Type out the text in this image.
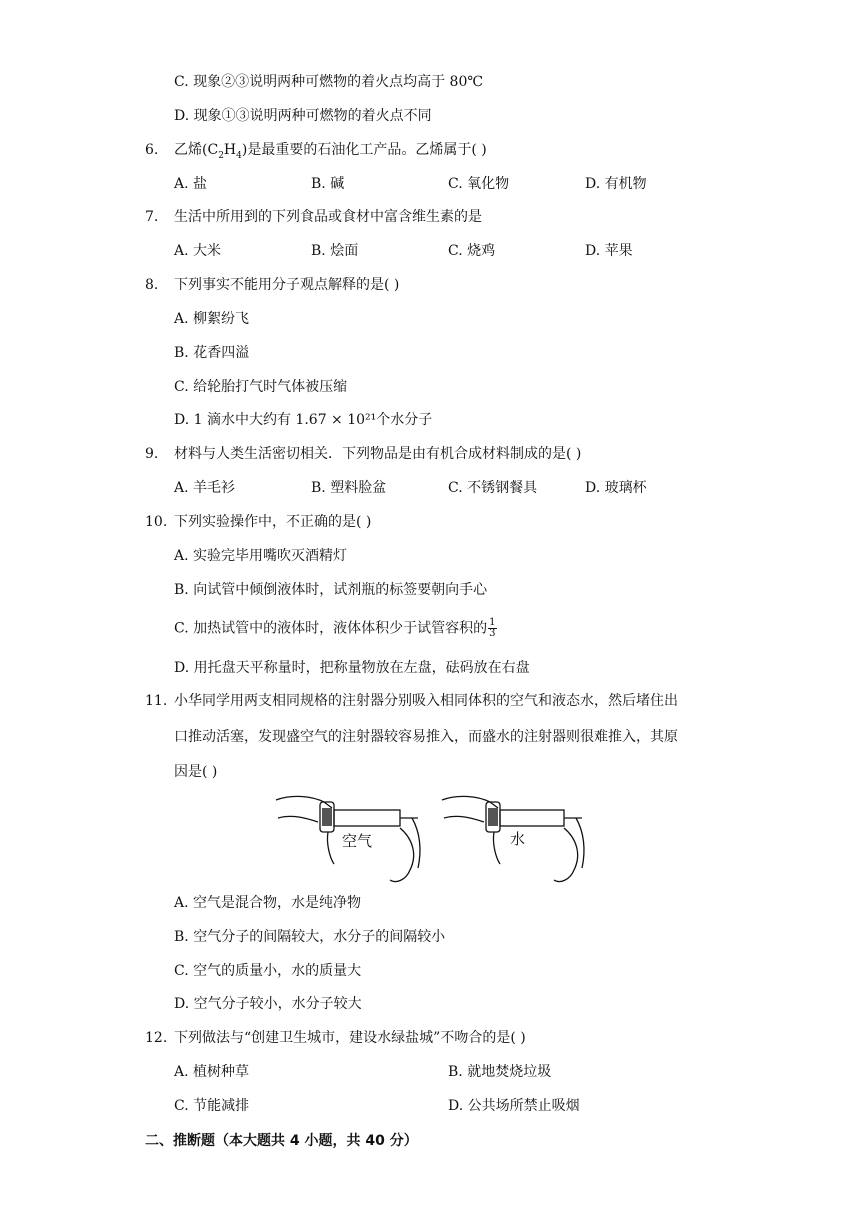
C. 现象②③说明两种可燃物的着火点均高于 80℃
D. 现象①③说明两种可燃物的着火点不同
6. 乙烯$(C_2H_4)$是最重要的石油化工产品。乙烯属于( )
A. 盐	B. 碱	C. 氧化物	D. 有机物
7. 生活中所用到的下列食品或食材中富含维生素的是
A. 大米	B. 烩面	C. 烧鸡	D. 苹果
8. 下列事实不能用分子观点解释的是( )
A. 柳絮纷飞
B. 花香四溢
C. 给轮胎打气时气体被压缩
D. 1 滴水中大约有 1.67 × 10²¹个水分子
9. 材料与人类生活密切相关．下列物品是由有机合成材料制成的是( )
A. 羊毛衫	B. 塑料脸盆	C. 不锈钢餐具	D. 玻璃杯
10. 下列实验操作中，不正确的是( )
A. 实验完毕用嘴吹灭酒精灯
B. 向试管中倾倒液体时，试剂瓶的标签要朝向手心
C. 加热试管中的液体时，液体体积少于试管容积的 $\frac{1}{3}$
D. 用托盘天平称量时，把称量物放在左盘，砝码放在右盘
11. 小华同学用两支相同规格的注射器分别吸入相同体积的空气和液态水，然后堵住出
口推动活塞，发现盛空气的注射器较容易推入，而盛水的注射器则很难推入，其原
因是( )
空气	水
A. 空气是混合物，水是纯净物
B. 空气分子的间隔较大，水分子的间隔较小
C. 空气的质量小，水的质量大
D. 空气分子较小，水分子较大
12. 下列做法与“创建卫生城市，建设水绿盐城”不吻合的是( )
A. 植树种草	B. 就地焚烧垃圾
C. 节能减排	D. 公共场所禁止吸烟
二、推断题（本大题共 4 小题，共 40 分）
